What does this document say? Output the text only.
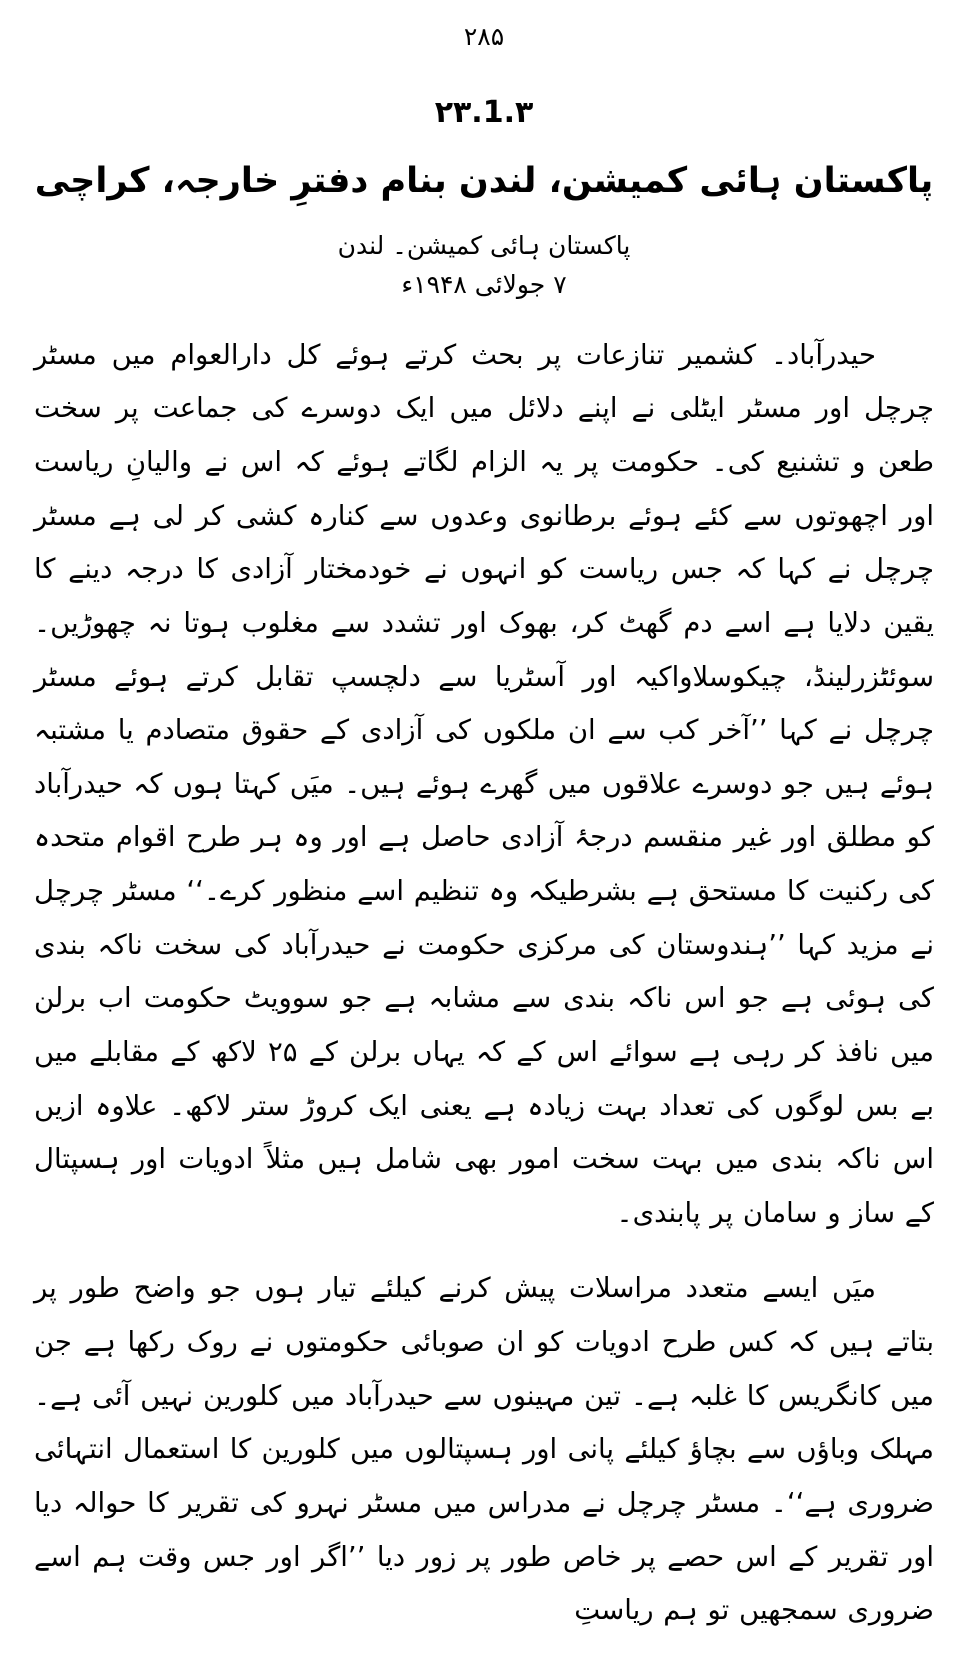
۲۸۵
۲۳.1.۳
پاکستان ہائی کمیشن، لندن بنام دفترِ خارجہ، کراچی
پاکستان ہائی کمیشن۔ لندن
۷ جولائی ۱۹۴۸ء

حیدرآباد۔ کشمیر تنازعات پر بحث کرتے ہوئے کل دارالعوام میں مسٹر چرچل اور مسٹر ایٹلی نے اپنے دلائل میں ایک دوسرے کی جماعت پر سخت طعن و تشنیع کی۔ حکومت پر یہ الزام لگاتے ہوئے کہ اس نے والیانِ ریاست اور اچھوتوں سے کئے ہوئے برطانوی وعدوں سے کنارہ کشی کر لی ہے مسٹر چرچل نے کہا کہ جس ریاست کو انہوں نے خودمختار آزادی کا درجہ دینے کا یقین دلایا ہے اسے دم گھٹ کر، بھوک اور تشدد سے مغلوب ہوتا نہ چھوڑیں۔ سوئٹزرلینڈ، چیکوسلاواکیہ اور آسٹریا سے دلچسپ تقابل کرتے ہوئے مسٹر چرچل نے کہا ’’آخر کب سے ان ملکوں کی آزادی کے حقوق متصادم یا مشتبہ ہوئے ہیں جو دوسرے علاقوں میں گھرے ہوئے ہیں۔ میَں کہتا ہوں کہ حیدرآباد کو مطلق اور غیر منقسم درجۂ آزادی حاصل ہے اور وہ ہر طرح اقوام متحدہ کی رکنیت کا مستحق ہے بشرطیکہ وہ تنظیم اسے منظور کرے۔‘‘ مسٹر چرچل نے مزید کہا ’’ہندوستان کی مرکزی حکومت نے حیدرآباد کی سخت ناکہ بندی کی ہوئی ہے جو اس ناکہ بندی سے مشابہ ہے جو سوویٹ حکومت اب برلن میں نافذ کر رہی ہے سوائے اس کے کہ یہاں برلن کے ۲۵ لاکھ کے مقابلے میں بے بس لوگوں کی تعداد بہت زیادہ ہے یعنی ایک کروڑ ستر لاکھ۔ علاوہ ازیں اس ناکہ بندی میں بہت سخت امور بھی شامل ہیں مثلاً ادویات اور ہسپتال کے ساز و سامان پر پابندی۔

میَں ایسے متعدد مراسلات پیش کرنے کیلئے تیار ہوں جو واضح طور پر بتاتے ہیں کہ کس طرح ادویات کو ان صوبائی حکومتوں نے روک رکھا ہے جن میں کانگریس کا غلبہ ہے۔ تین مہینوں سے حیدرآباد میں کلورین نہیں آئی ہے۔ مہلک وباؤں سے بچاؤ کیلئے پانی اور ہسپتالوں میں کلورین کا استعمال انتہائی ضروری ہے‘‘۔ مسٹر چرچل نے مدراس میں مسٹر نہرو کی تقریر کا حوالہ دیا اور تقریر کے اس حصے پر خاص طور پر زور دیا ’’اگر اور جس وقت ہم اسے ضروری سمجھیں تو ہم ریاستِ
